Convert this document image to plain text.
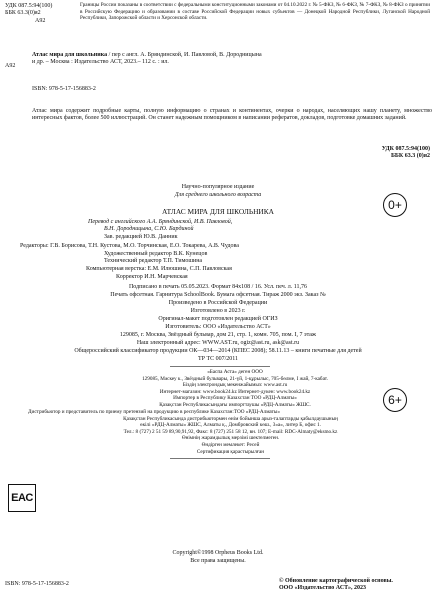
УДК 087.5:94(100)
ББК 63.3(0)я2
А92
Границы России показаны в соответствии с федеральными конституционными законами от 04.10.2022 г. № 5-ФКЗ, № 6-ФКЗ, № 7-ФКЗ, № 8-ФКЗ о принятии в Российскую Федерацию и образовании в составе Российской Федерации новых субъектов — Донецкой Народной Республики, Луганской Народной Республики, Запорожской области и Херсонской области.
А92
Атлас мира для школьника / пер с англ. А. Бряндинской, И. Павловой, В. Дородницына
и др. – Москва : Издательство АСТ, 2023.– 112 с. : ил.
ISBN: 978-5-17-156883-2
Атлас мира содержит подробные карты, полную информацию о странах и континентах, очерки о народах, населяющих нашу планету, множество интересных фактов, более 500 иллюстраций. Он станет надежным помощником в написании рефератов, докладов, подготовке домашних заданий.
УДК 087.5:94(100)
ББК 63.3 (0)я2
Научно-популярное издание
Для среднего школьного возраста
0+
АТЛАС МИРА ДЛЯ ШКОЛЬНИКА
Перевод с английского А.А. Бряндинской, И.В. Павловой,
В.Н. Дородницына, С.Ю. Бардиной
Зав. редакцией Ю.В. Данник
Редакторы: Г.В. Борисова, Т.Н. Кустова, М.О. Торчинская, Е.О. Токарева, А.В. Чудова
Художественный редактор В.К. Кунецов
Технический редактор Т.П. Тимошина
Компьютерная верстка: Е.М. Илюшина, С.П. Павловская
Корректор И.Н. Марчевская
Подписано в печать 05.05.2023. Формат 84x108 / 16. Усл. печ. л. 11,76
Печать офсетная. Гарнитура SchoolBook. Бумага офсетная. Тираж 2000 экз. Заказ №
Произведено в Российской Федерации
Изготовлено в 2023 г.
Оригинал-макет подготовлен редакцией ОГИЗ
Изготовитель: ООО «Издательство АСТ»
129085, г. Москва, Звёздный бульвар, дом 21, стр. 1, комн. 705, пом. I, 7 этаж
Наш электронный адрес: WWW.AST.ru, ogiz@ast.ru, ask@ast.ru
Общероссийский классификатор продукции ОК—034—2014 (КПЕС 2008); 58.11.13 – книги печатные для детей
ТР ТС 007/2011
EAC
«Баспа Аста» деген ООО
129085, Мәскеу к., Звёздный бульвары, 21-үй, 1-құрылыс, 705-бөлме, I жай, 7-кабат.
Біздің электрондық мекенжайымыз: www.ast.ru
Интернет-магазин: www.book24.kz Интернет-дукен: www.book24.kz
Импортер в Республику Казахстан ТОО «РДЦ-Алматы»
Қазақстан Республикасындағы импорттаушы «РДЦ-Алматы» ЖШС.	6+
Дистрибьютор и представитель по приему претензий на продукцию в республике Казахстан:ТОО «РДЦ-Алматы»
Қазақстан Республикасында дистрибьютормен өнім бойынша арыз-талаптарды қабылдаушының
өкілі «РДЦ-Алматы» ЖШС, Алматы қ., Домбровский көш., 3«а», литер Б, офис 1.
Тел.: 8 (727) 2 51 59 89,90,91,92, Факс: 8 (727) 251 58 12, вн. 107; E-mail: RDC-Almaty@eksmo.kz
Өнімнің жарамдылық мерзімі шектелмеген.
Өндірген мемлекет: Ресей
Сертификация қарастырылған
Copyright©1998 Orpheus Books Ltd.
Все права защищены.
ISBN: 978-5-17-156883-2	© Обновление картографической основы.
ООО «Издательство АСТ», 2023
